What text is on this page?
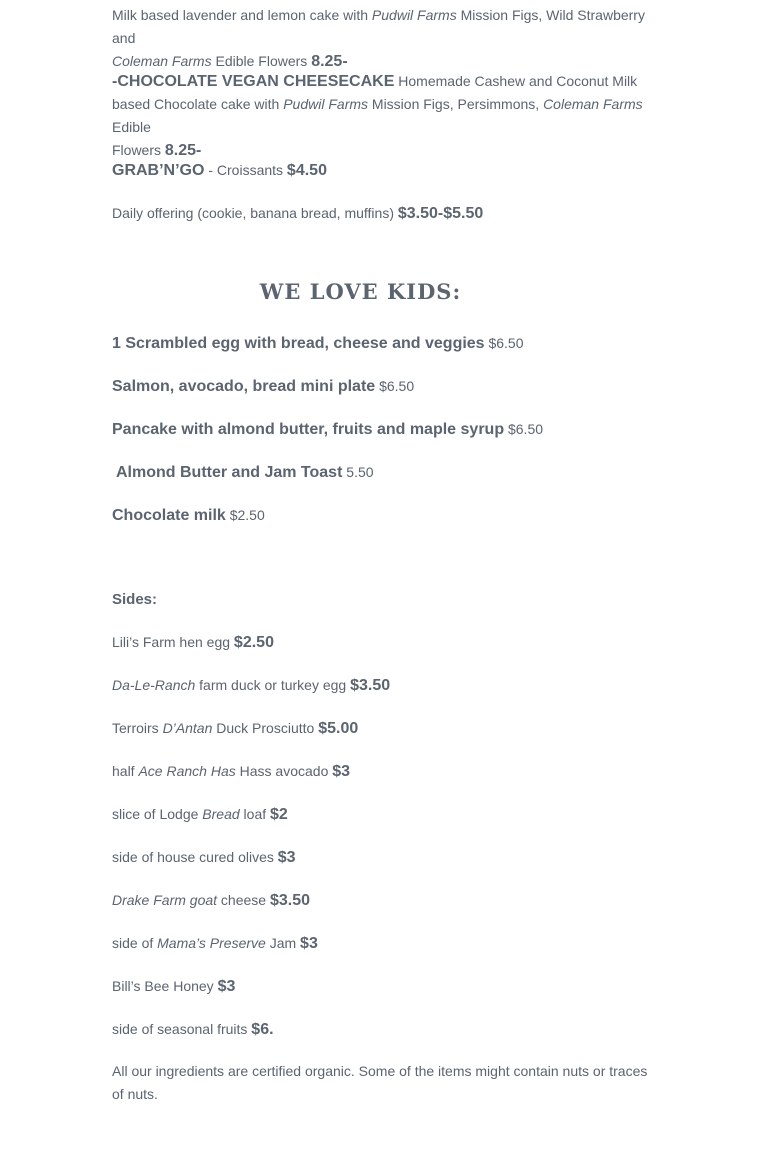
Milk based lavender and lemon cake with Pudwil Farms Mission Figs, Wild Strawberry and

Coleman Farms Edible Flowers 8.25-

-CHOCOLATE VEGAN CHEESECAKE Homemade Cashew and Coconut Milk

based Chocolate cake with Pudwil Farms Mission Figs, Persimmons, Coleman Farms Edible

Flowers 8.25-

GRAB’N’GO - Croissants $4.50

Daily offering (cookie, banana bread, muffins) $3.50-$5.50

WE LOVE KIDS:

1 Scrambled egg with bread, cheese and veggies $6.50

Salmon, avocado, bread mini plate $6.50

Pancake with almond butter, fruits and maple syrup $6.50

Almond Butter and Jam Toast 5.50

Chocolate milk $2.50

Sides:

Lili’s Farm hen egg $2.50

Da-Le-Ranch farm duck or turkey egg $3.50

Terroirs D’Antan Duck Prosciutto $5.00

half Ace Ranch Has Hass avocado $3

slice of Lodge Bread loaf $2

side of house cured olives $3

Drake Farm goat cheese $3.50

side of Mama’s Preserve Jam $3

Bill’s Bee Honey $3

side of seasonal fruits $6.

All our ingredients are certified organic. Some of the items might contain nuts or traces

of nuts.
